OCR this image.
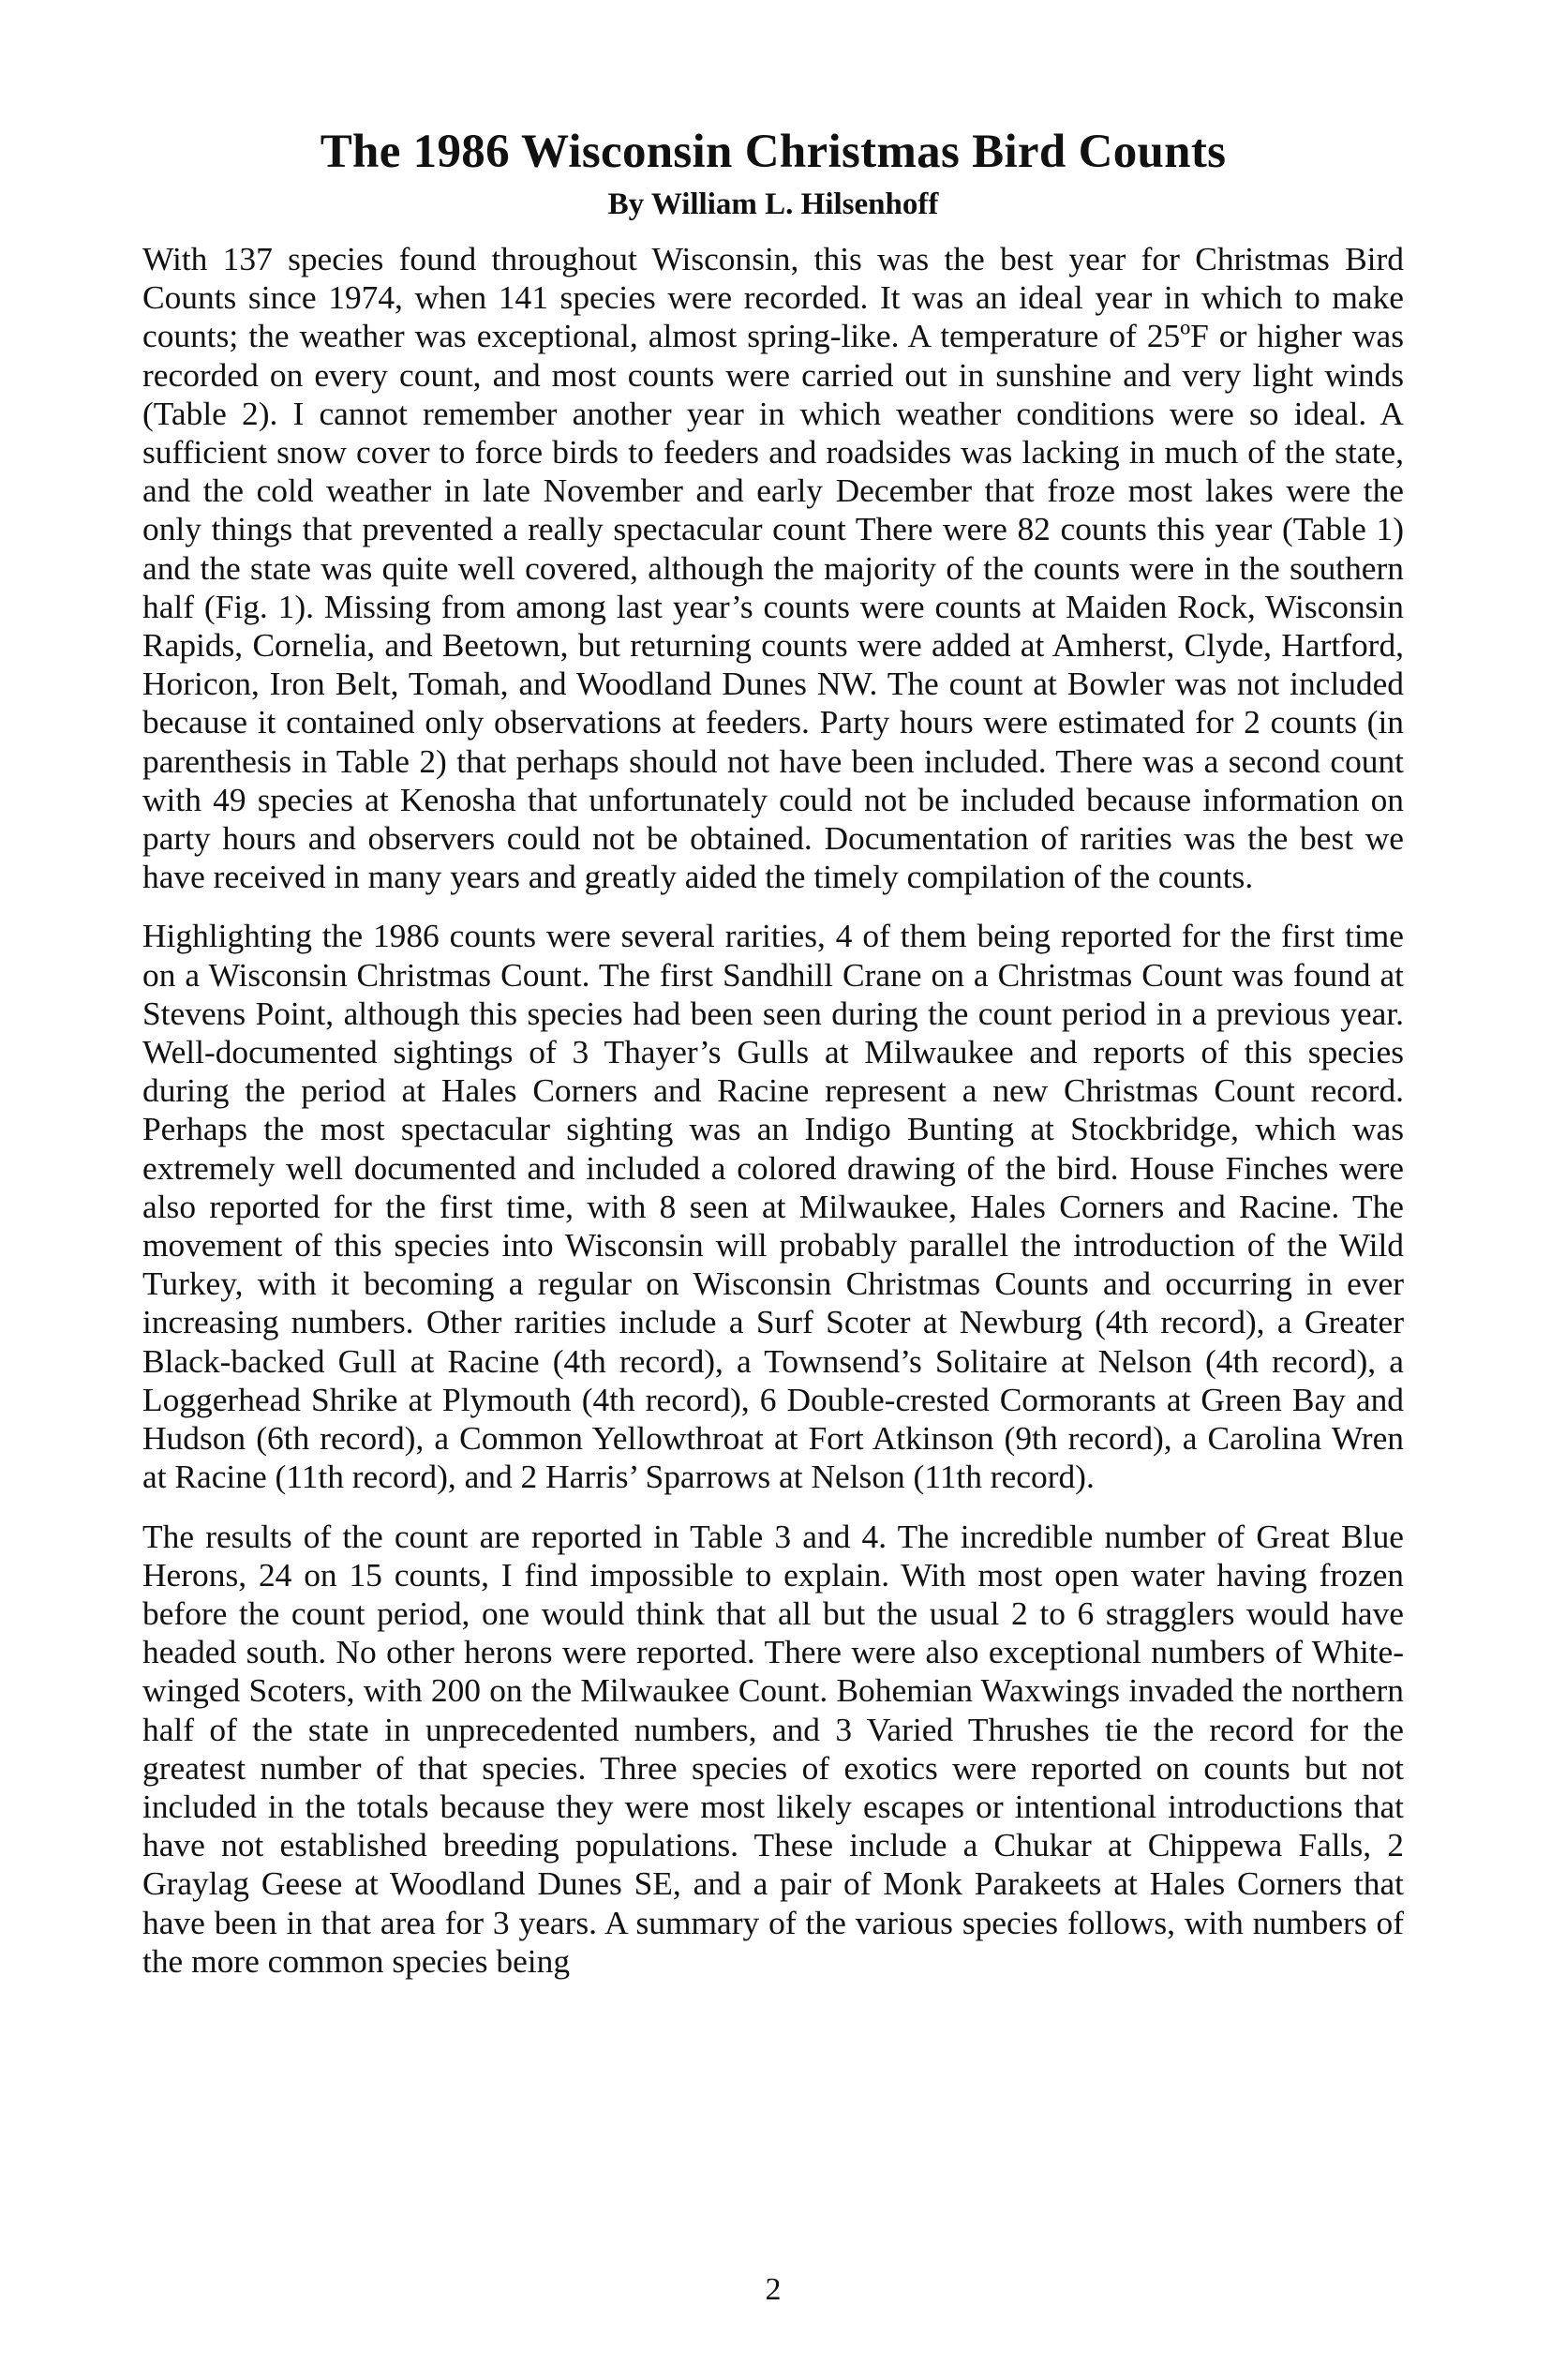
The 1986 Wisconsin Christmas Bird Counts
By William L. Hilsenhoff

With 137 species found throughout Wisconsin, this was the best year for Christmas Bird Counts since 1974, when 141 species were recorded. It was an ideal year in which to make counts; the weather was exceptional, almost spring-like. A temperature of 25ºF or higher was recorded on every count, and most counts were carried out in sunshine and very light winds (Table 2). I cannot remember another year in which weather conditions were so ideal. A sufficient snow cover to force birds to feeders and roadsides was lacking in much of the state, and the cold weather in late November and early December that froze most lakes were the only things that prevented a really spectacular count There were 82 counts this year (Table 1) and the state was quite well covered, although the majority of the counts were in the southern half (Fig. 1). Missing from among last year’s counts were counts at Maiden Rock, Wisconsin Rapids, Cornelia, and Beetown, but returning counts were added at Amherst, Clyde, Hartford, Horicon, Iron Belt, Tomah, and Woodland Dunes NW. The count at Bowler was not included because it contained only observations at feeders. Party hours were estimated for 2 counts (in parenthesis in Table 2) that perhaps should not have been included. There was a second count with 49 species at Kenosha that unfortunately could not be included because information on party hours and observers could not be obtained. Documentation of rarities was the best we have received in many years and greatly aided the timely compilation of the counts.

Highlighting the 1986 counts were several rarities, 4 of them being reported for the first time on a Wisconsin Christmas Count. The first Sandhill Crane on a Christmas Count was found at Stevens Point, although this species had been seen during the count period in a previous year. Well-documented sightings of 3 Thayer’s Gulls at Milwaukee and reports of this species during the period at Hales Corners and Racine represent a new Christmas Count record. Perhaps the most spectacular sighting was an Indigo Bunting at Stockbridge, which was extremely well documented and included a colored drawing of the bird. House Finches were also reported for the first time, with 8 seen at Milwaukee, Hales Corners and Racine. The movement of this species into Wisconsin will probably parallel the introduction of the Wild Turkey, with it becoming a regular on Wisconsin Christmas Counts and occurring in ever increasing numbers. Other rarities include a Surf Scoter at Newburg (4th record), a Greater Black-backed Gull at Racine (4th record), a Townsend’s Solitaire at Nelson (4th record), a Loggerhead Shrike at Plymouth (4th record), 6 Double-crested Cormorants at Green Bay and Hudson (6th record), a Common Yellowthroat at Fort Atkinson (9th record), a Carolina Wren at Racine (11th record), and 2 Harris’ Sparrows at Nelson (11th record).

The results of the count are reported in Table 3 and 4. The incredible number of Great Blue Herons, 24 on 15 counts, I find impossible to explain. With most open water having frozen before the count period, one would think that all but the usual 2 to 6 stragglers would have headed south. No other herons were reported. There were also exceptional numbers of White-winged Scoters, with 200 on the Milwaukee Count. Bohemian Waxwings invaded the northern half of the state in unprecedented numbers, and 3 Varied Thrushes tie the record for the greatest number of that species. Three species of exotics were reported on counts but not included in the totals because they were most likely escapes or intentional introductions that have not established breeding populations. These include a Chukar at Chippewa Falls, 2 Graylag Geese at Woodland Dunes SE, and a pair of Monk Parakeets at Hales Corners that have been in that area for 3 years. A summary of the various species follows, with numbers of the more common species being

2
